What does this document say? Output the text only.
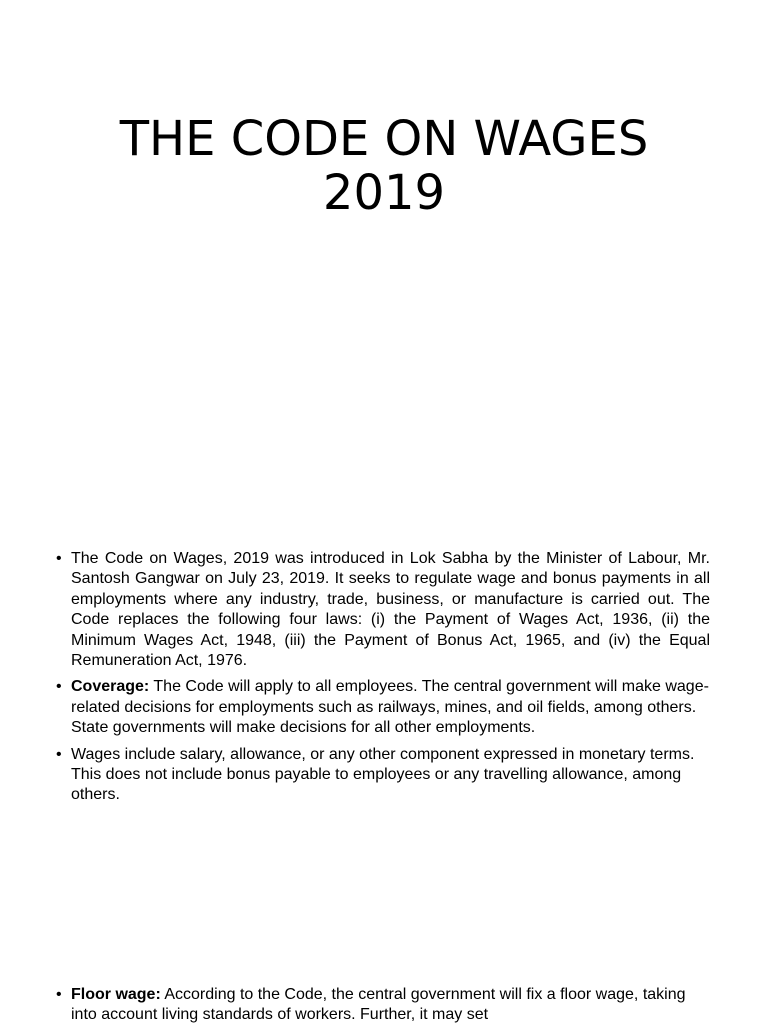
THE CODE ON WAGES
2019
• The Code on Wages, 2019 was introduced in Lok Sabha by the Minister of Labour, Mr. Santosh Gangwar on July 23, 2019. It seeks to regulate wage and bonus payments in all employments where any industry, trade, business, or manufacture is carried out. The Code replaces the following four laws: (i) the Payment of Wages Act, 1936, (ii) the Minimum Wages Act, 1948, (iii) the Payment of Bonus Act, 1965, and (iv) the Equal Remuneration Act, 1976.
• Coverage: The Code will apply to all employees. The central government will make wage-related decisions for employments such as railways, mines, and oil fields, among others. State governments will make decisions for all other employments.
• Wages include salary, allowance, or any other component expressed in monetary terms. This does not include bonus payable to employees or any travelling allowance, among others.
• Floor wage: According to the Code, the central government will fix a floor wage, taking into account living standards of workers. Further, it may set
